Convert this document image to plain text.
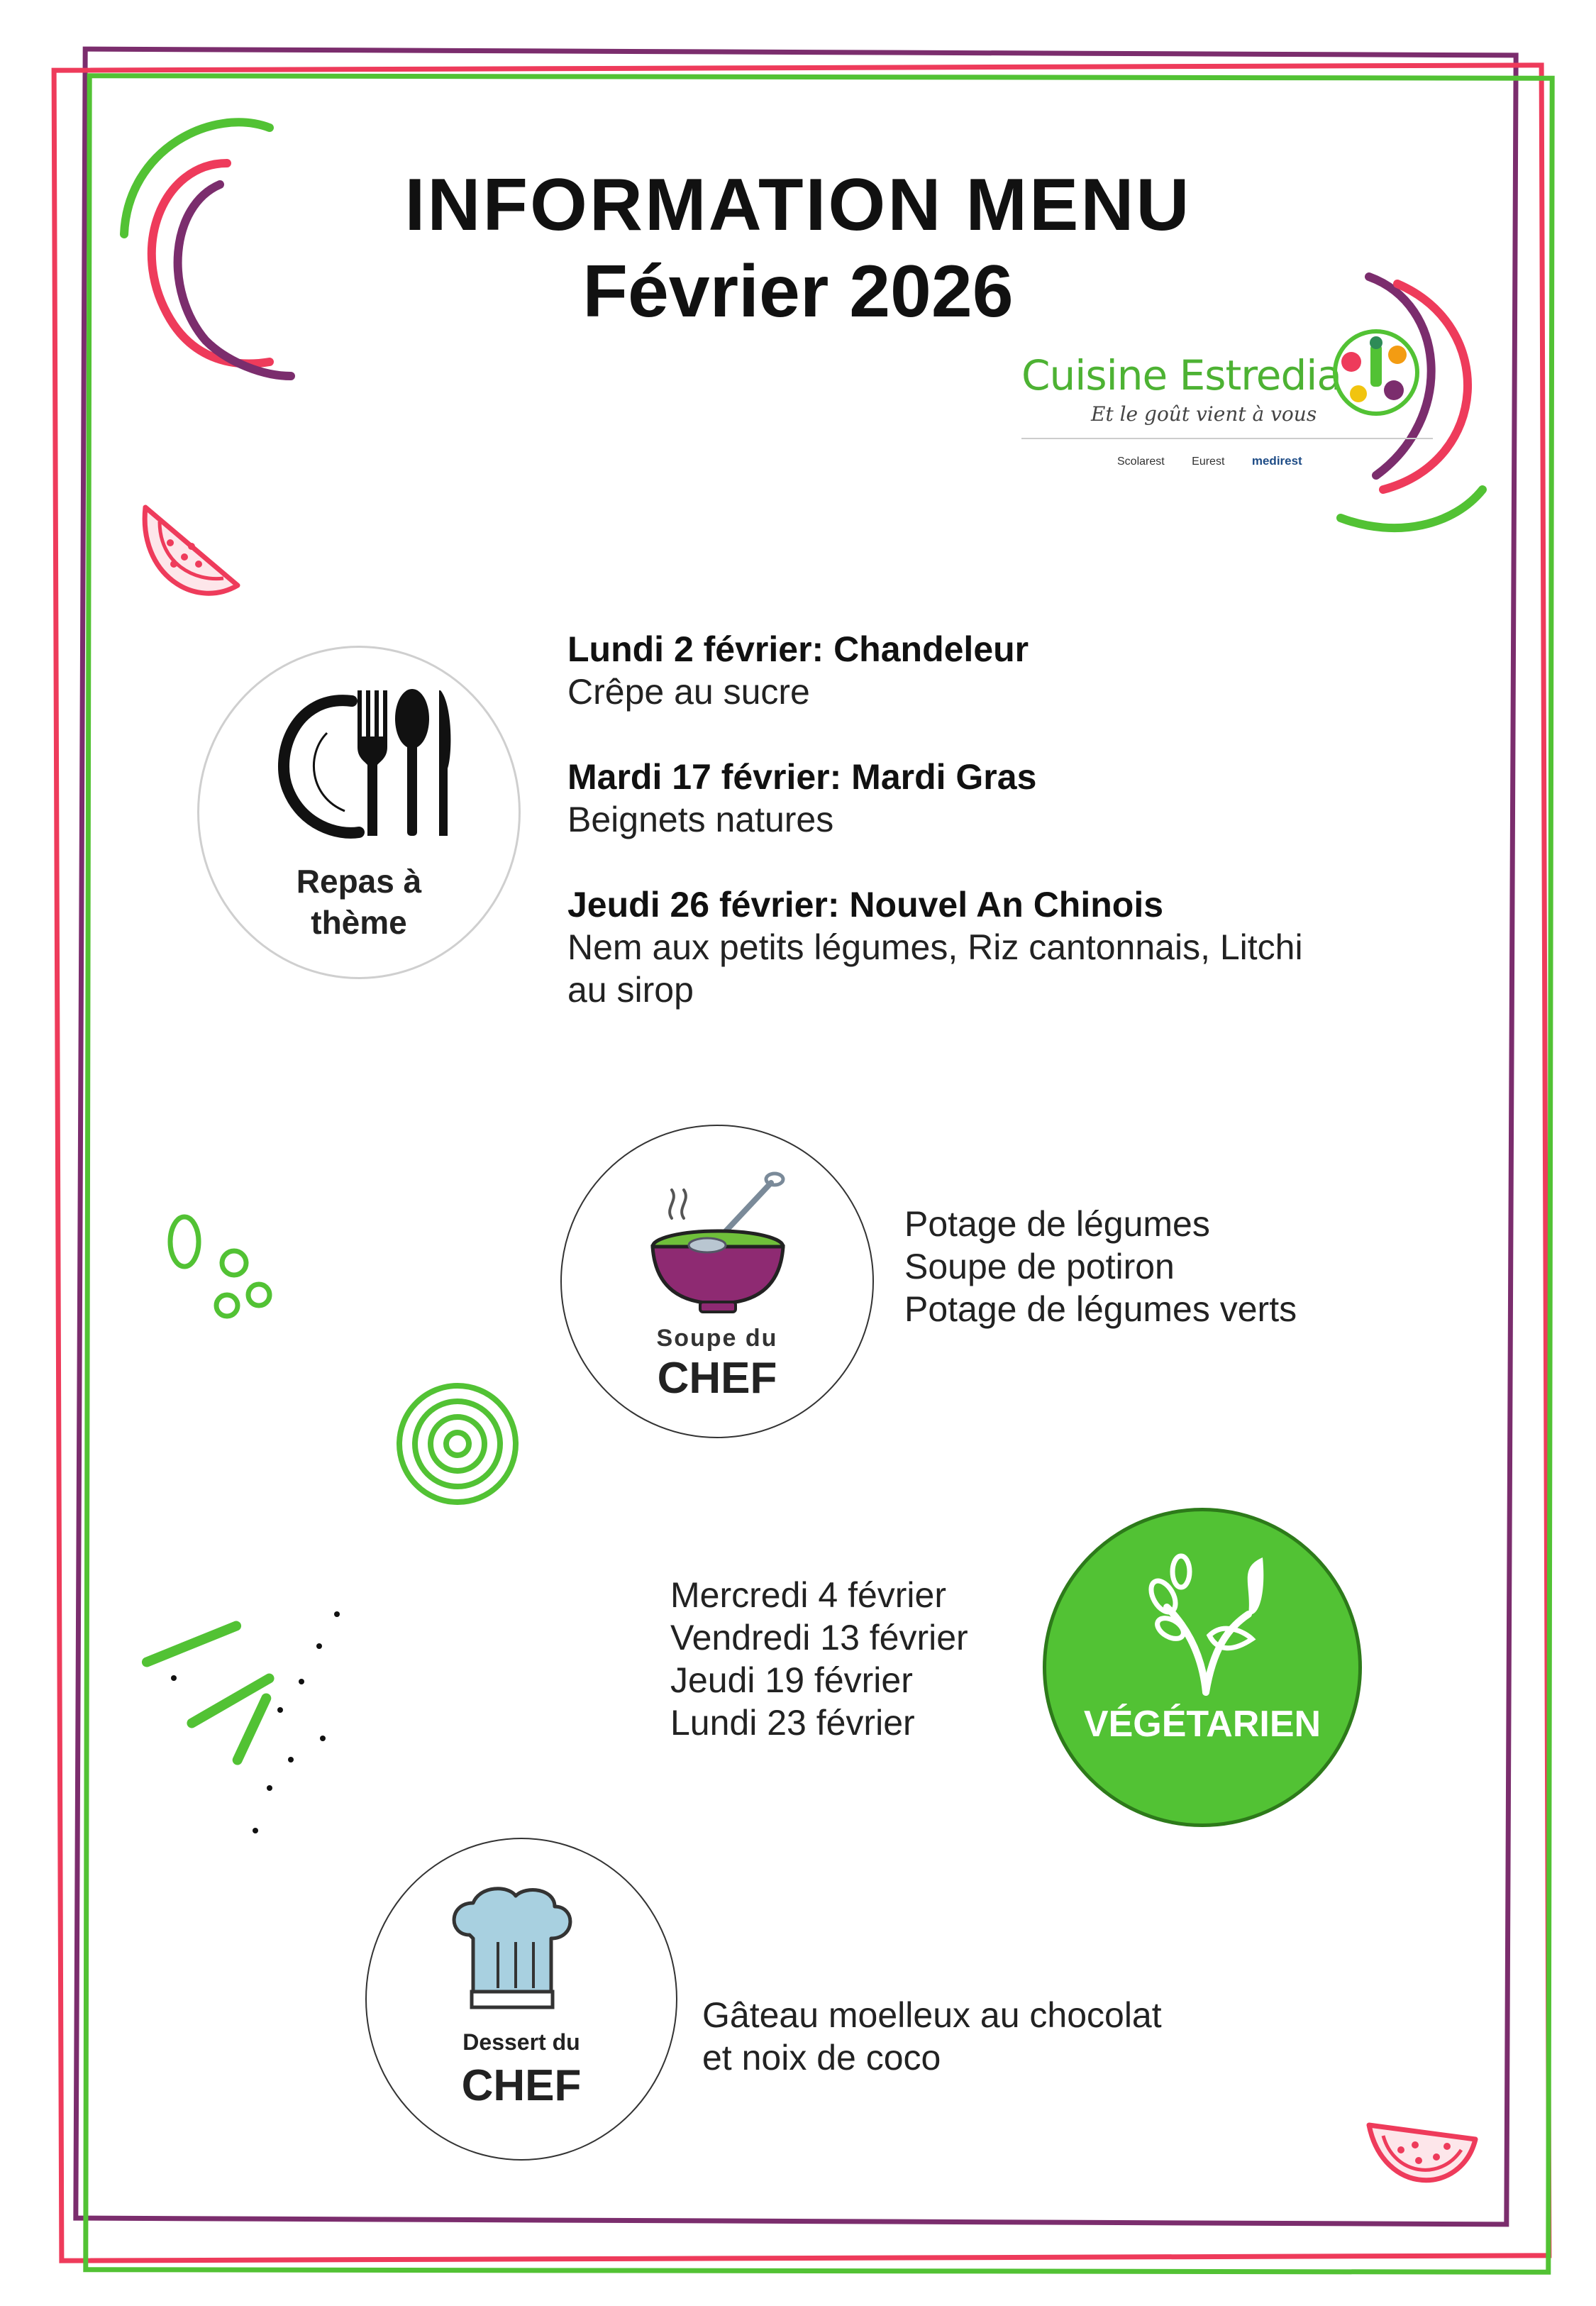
INFORMATION MENU
Février 2026
Cuisine Estredia
Et le goût vient à vous
Scolarest Eurest medirest
Repas à
thème

Lundi 2 février: Chandeleur

Crêpe au sucre

Mardi 17 février: Mardi Gras

Beignets natures

Jeudi 26 février: Nouvel An Chinois

Nem aux petits légumes, Riz cantonnais, Litchi

au sirop

Soupe du
CHEF

Potage de légumes

Soupe de potiron

Potage de légumes verts

Mercredi 4 février

Vendredi 13 février

Jeudi 19 février

Lundi 23 février	VÉGÉTARIEN
Dessert du
CHEF

Gâteau moelleux au chocolat

et noix de coco
